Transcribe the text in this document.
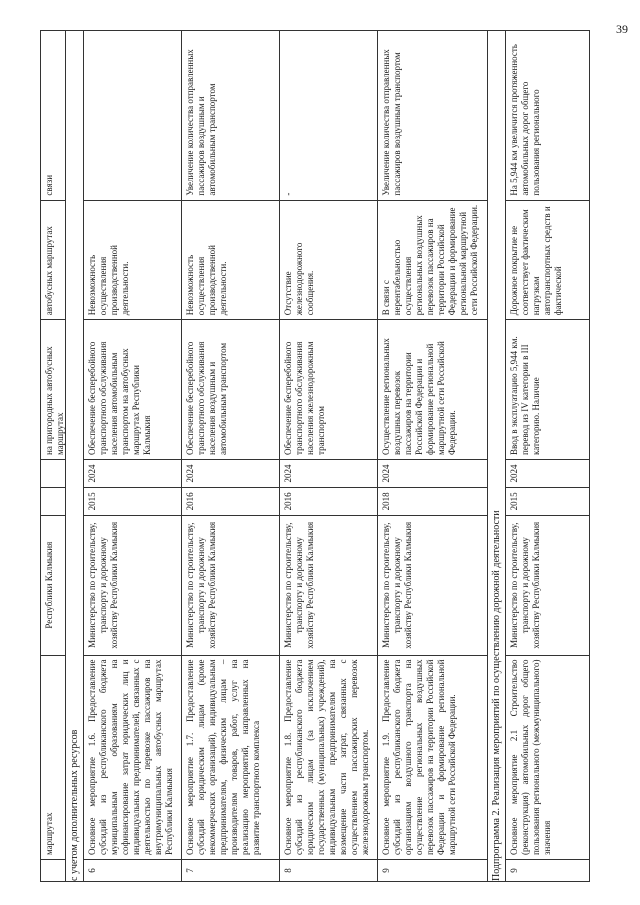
39
маршрутах
Республики Калмыкия
на пригородных автобусных маршрутах
автобусных маршрутах
связи
с учетом дополнительных ресурсов 6
Основное мероприятие 1.6. Предоставление субсидий из республиканского бюджета муниципальным образованиям на софинансирование затрат юридических лиц и индивидуальных предпринимателей, связанных с деятельностью по перевозке пассажиров на внутримуниципальных автобусных маршрутах Республики Калмыкия
Министерство по строительству, транспорту и дорожному хозяйству Республики Калмыкия
2015
2024
Обеспечение бесперебойного транспортного обслуживания населения автомобильным транспортом на автобусных маршрутах Республики Калмыкия
Невозможность осуществления производственной деятельности.
7
Основное мероприятие 1.7. Предоставление субсидий юридическим лицам (кроме некоммерческих организаций), индивидуальным предпринимателям, физическим лицам – производителям товаров, работ, услуг на реализацию мероприятий, направленных на развитие транспортного комплекса
Министерство по строительству, транспорту и дорожному хозяйству Республики Калмыкия
2016
2024
Обеспечение бесперебойного транспортного обслуживания населения воздушным и автомобильным транспортом
Невозможность осуществления производственной деятельности.
Увеличение количества отправленных пассажиров воздушным и автомобильным транспортом
8
Основное мероприятие 1.8. Предоставление субсидий из республиканского бюджета юридическим лицам (за исключением государственных (муниципальных) учреждений), индивидуальным предпринимателям на возмещение части затрат, связанных с осуществлением пассажирских перевозок железнодорожным транспортом.
Министерство по строительству, транспорту и дорожному хозяйству Республики Калмыкия
2016
2024
Обеспечение бесперебойного транспортного обслуживания населения железнодорожным транспортом
Отсутствие железнодорожного сообщения.
-
9
Основное мероприятие 1.9. Предоставление субсидий из республиканского бюджета организациям воздушного транспорта на осуществление региональных воздушных перевозок пассажиров на территории Российской Федерации и формирование региональной маршрутной сети Российской Федерации.
Министерство по строительству, транспорту и дорожному хозяйству Республики Калмыкия
2018
2024
Осуществление региональных воздушных перевозок пассажиров на территории Российской Федерации и формирование региональной маршрутной сети Российской Федерации.
В связи с нерентабельностью осуществления региональных воздушных перевозок пассажиров на территории Российской Федерации и формирование региональной маршрутной сети Российской Федерации.
Увеличение количества отправленных пассажиров воздушным транспортом
Подпрограмма 2. Реализация мероприятий по осуществлению дорожной деятельности 9
Основное мероприятие 2.1 Строительство (реконструкция) автомобильных дорог общего пользования регионального (межмуниципального) значения
Министерство по строительству, транспорту и дорожному хозяйству Республики Калмыкия
2015
2024
Ввод в эксплуатацию 5,944 км. перевод из IV категории в III категорию. Наличие
Дорожное покрытие не соответствует фактическим нагрузкам автотранспортных средств и фактической
На 5,944 км увеличится протяженность автомобильных дорог общего пользования регионального
